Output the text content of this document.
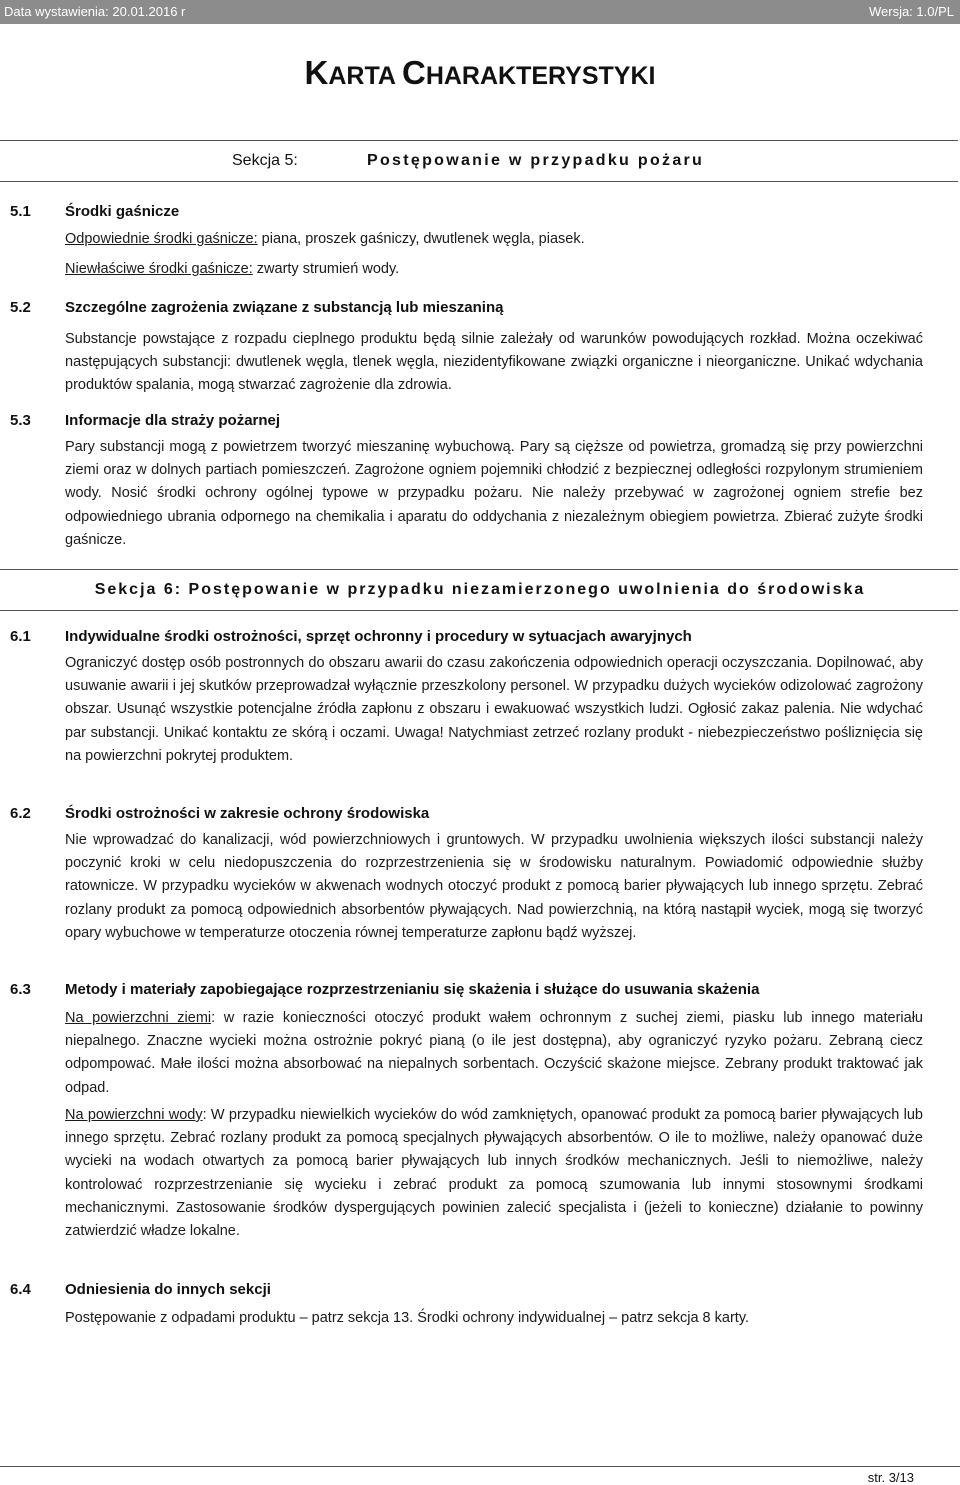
Data wystawienia: 20.01.2016 r	Wersja: 1.0/PL
KARTA CHARAKTERYSTYKI
Sekcja 5:	Postępowanie w przypadku pożaru
5.1 Środki gaśnicze
Odpowiednie środki gaśnicze: piana, proszek gaśniczy, dwutlenek węgla, piasek.
Niewłaściwe środki gaśnicze: zwarty strumień wody.
5.2 Szczególne zagrożenia związane z substancją lub mieszaniną
Substancje powstające z rozpadu cieplnego produktu będą silnie zależały od warunków powodujących rozkład. Można oczekiwać następujących substancji: dwutlenek węgla, tlenek węgla, niezidentyfikowane związki organiczne i nieorganiczne. Unikać wdychania produktów spalania, mogą stwarzać zagrożenie dla zdrowia.
5.3 Informacje dla straży pożarnej
Pary substancji mogą z powietrzem tworzyć mieszaninę wybuchową. Pary są cięższe od powietrza, gromadzą się przy powierzchni ziemi oraz w dolnych partiach pomieszczeń. Zagrożone ogniem pojemniki chłodzić z bezpiecznej odległości rozpylonym strumieniem wody. Nosić środki ochrony ogólnej typowe w przypadku pożaru. Nie należy przebywać w zagrożonej ogniem strefie bez odpowiedniego ubrania odpornego na chemikalia i aparatu do oddychania z niezależnym obiegiem powietrza. Zbierać zużyte środki gaśnicze.
Sekcja 6: Postępowanie w przypadku niezamierzonego uwolnienia do środowiska
6.1 Indywidualne środki ostrożności, sprzęt ochronny i procedury w sytuacjach awaryjnych
Ograniczyć dostęp osób postronnych do obszaru awarii do czasu zakończenia odpowiednich operacji oczyszczania. Dopilnować, aby usuwanie awarii i jej skutków przeprowadzał wyłącznie przeszkolony personel. W przypadku dużych wycieków odizolować zagrożony obszar. Usunąć wszystkie potencjalne źródła zapłonu z obszaru i ewakuować wszystkich ludzi. Ogłosić zakaz palenia. Nie wdychać par substancji. Unikać kontaktu ze skórą i oczami. Uwaga! Natychmiast zetrzeć rozlany produkt - niebezpieczeństwo pośliznięcia się na powierzchni pokrytej produktem.
6.2 Środki ostrożności w zakresie ochrony środowiska
Nie wprowadzać do kanalizacji, wód powierzchniowych i gruntowych. W przypadku uwolnienia większych ilości substancji należy poczynić kroki w celu niedopuszczenia do rozprzestrzenienia się w środowisku naturalnym. Powiadomić odpowiednie służby ratownicze. W przypadku wycieków w akwenach wodnych otoczyć produkt z pomocą barier pływających lub innego sprzętu. Zebrać rozlany produkt za pomocą odpowiednich absorbentów pływających. Nad powierzchnią, na którą nastąpił wyciek, mogą się tworzyć opary wybuchowe w temperaturze otoczenia równej temperaturze zapłonu bądź wyższej.
6.3 Metody i materiały zapobiegające rozprzestrzenianiu się skażenia i służące do usuwania skażenia
Na powierzchni ziemi: w razie konieczności otoczyć produkt wałem ochronnym z suchej ziemi, piasku lub innego materiału niepalnego. Znaczne wycieki można ostrożnie pokryć pianą (o ile jest dostępna), aby ograniczyć ryzyko pożaru. Zebraną ciecz odpompować. Małe ilości można absorbować na niepalnych sorbentach. Oczyścić skażone miejsce. Zebrany produkt traktować jak odpad.
Na powierzchni wody: W przypadku niewielkich wycieków do wód zamkniętych, opanować produkt za pomocą barier pływających lub innego sprzętu. Zebrać rozlany produkt za pomocą specjalnych pływających absorbentów. O ile to możliwe, należy opanować duże wycieki na wodach otwartych za pomocą barier pływających lub innych środków mechanicznych. Jeśli to niemożliwe, należy kontrolować rozprzestrzenianie się wycieku i zebrać produkt za pomocą szumowania lub innymi stosownymi środkami mechanicznymi. Zastosowanie środków dyspergujących powinien zalecić specjalista i (jeżeli to konieczne) działanie to powinny zatwierdzić władze lokalne.
6.4 Odniesienia do innych sekcji
Postępowanie z odpadami produktu – patrz sekcja 13. Środki ochrony indywidualnej – patrz sekcja 8 karty.
str. 3/13
